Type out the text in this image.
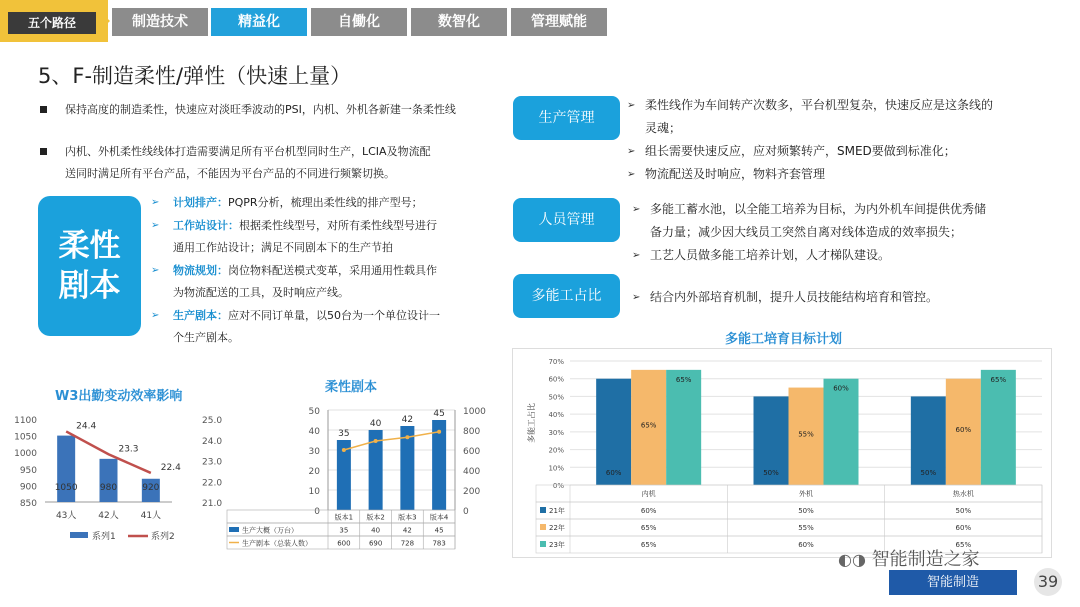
五个路径	制造技术	精益化	自働化	数智化	管理赋能
5、F-制造柔性/弹性（快速上量）
保持高度的制造柔性，快速应对淡旺季波动的PSI，内机、外机各新建一条柔性线
内机、外机柔性线线体打造需要满足所有平台机型同时生产，LCIA及物流配
送同时满足所有平台产品，不能因为平台产品的不同进行频繁切换。
柔性
剧本
➢ 计划排产：PQPR分析，梳理出柔性线的排产型号；
➢ 工作站设计：根据柔性线型号，对所有柔性线型号进行
通用工作站设计；满足不同剧本下的生产节拍
➢ 物流规划：岗位物料配送模式变革，采用通用性载具作
为物流配送的工具，及时响应产线。
➢ 生产剧本：应对不同订单量，以50台为一个单位设计一
个生产剧本。
生产管理
人员管理
多能工占比
➢ 柔性线作为车间转产次数多，平台机型复杂，快速反应是这条线的
灵魂；
➢ 组长需要快速反应，应对频繁转产，SMED要做到标准化；
➢ 物流配送及时响应，物料齐套管理
➢ 多能工蓄水池，以全能工培养为目标，为内外机车间提供优秀储
备力量；减少因大线员工突然自离对线体造成的效率损失；
➢ 工艺人员做多能工培养计划，人才梯队建设。
➢ 结合内外部培育机制，提升人员技能结构培育和管控。
W3出勤变动效率影响
850
900
950
1000
1050
1100
21.0
22.0
23.0
24.0
25.0
1050
43人
980
42人
920
41人
24.4
23.3
22.4
系列1	系列2
柔性剧本
0
10
20
30
40
50
0
200
400
600
800
1000
35
40 42
45
版本1 版本2 版本3 版本4
生产大概（万台）	35	40	42	45
生产剧本（总装人数）	600	690	728	783
多能工培育目标计划
0%
10%
20%
30%
40%
50%
60%
70%
多能工占比
60%
65%
65%
50%
55%
60%
50%
60%
65%
内机	外机	热水机
21年	60%	50%	50%
22年	65%	55%	60%
23年	65%	60%	65%
◐◑ 智能制造之家
智能制造	39
